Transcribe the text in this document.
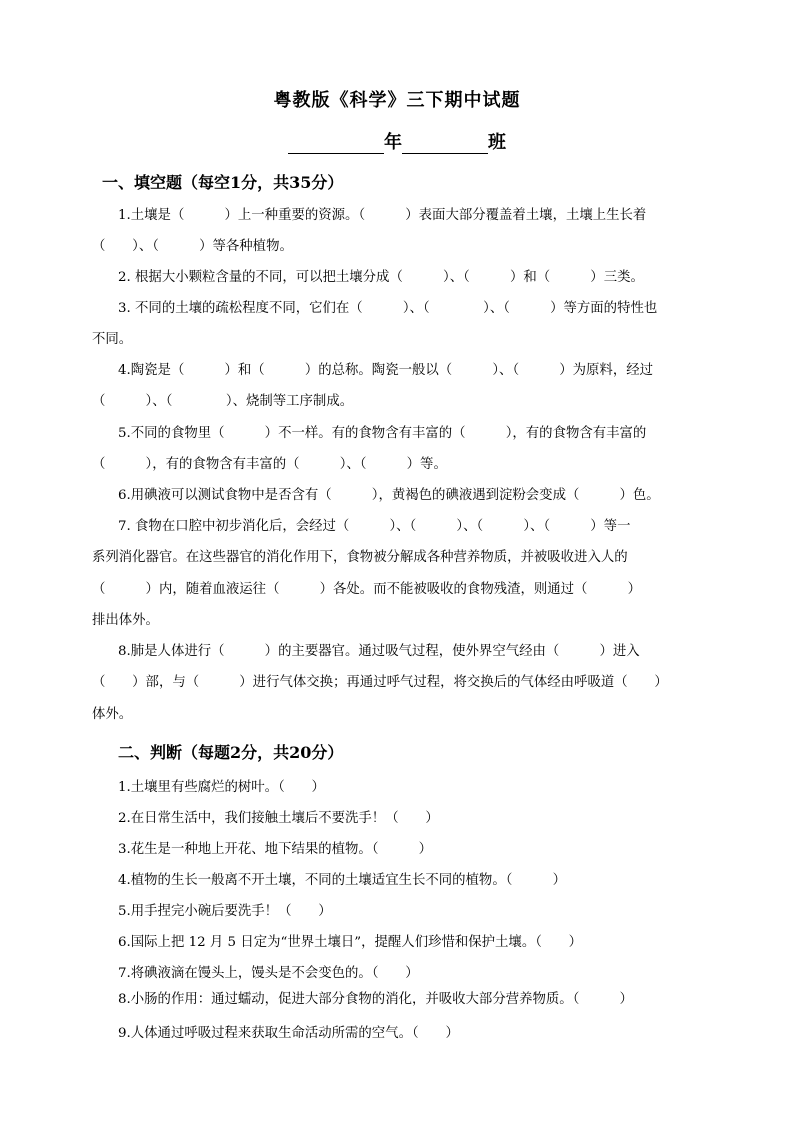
粤教版《科学》三下期中试题
年	班
一、填空题（每空1分，共35分）
1.土壤是（　　　）上一种重要的资源。（　　　）表面大部分覆盖着土壤，土壤上生长着
（　　）、（　　　）等各种植物。
2. 根据大小颗粒含量的不同，可以把土壤分成（　　　）、（　　　）和（　　　）三类。
3. 不同的土壤的疏松程度不同，它们在（　　　）、（　　　　）、（　　　）等方面的特性也
不同。
4.陶瓷是（　　　）和（　　　）的总称。陶瓷一般以（　　　）、（　　　）为原料，经过
（　　　）、（　　　　）、烧制等工序制成。
5.不同的食物里（　　　）不一样。有的食物含有丰富的（　　　），有的食物含有丰富的
（　　　），有的食物含有丰富的（　　　）、（　　　）等。
6.用碘液可以测试食物中是否含有（　　　），黄褐色的碘液遇到淀粉会变成（　　　）色。
7. 食物在口腔中初步消化后，会经过（　　　）、（　　　）、（　　　）、（　　　）等一
系列消化器官。在这些器官的消化作用下，食物被分解成各种营养物质，并被吸收进入人的
（　　　）内，随着血液运往（　　　）各处。而不能被吸收的食物残渣，则通过（　　　）
排出体外。
8.肺是人体进行（　　　）的主要器官。通过吸气过程，使外界空气经由（　　　）进入
（　　）部，与（　　　）进行气体交换；再通过呼气过程，将交换后的气体经由呼吸道（　　）
体外。
二、判断（每题2分，共20分）
1.土壤里有些腐烂的树叶。（　　）
2.在日常生活中，我们接触土壤后不要洗手！（　　）
3.花生是一种地上开花、地下结果的植物。（　　　）
4.植物的生长一般离不开土壤，不同的土壤适宜生长不同的植物。（　　　）
5.用手捏完小碗后要洗手！（　　）
6.国际上把 12 月 5 日定为“世界土壤日”，提醒人们珍惜和保护土壤。（　　）
7.将碘液滴在馒头上，馒头是不会变色的。（　　）
8.小肠的作用：通过蠕动，促进大部分食物的消化，并吸收大部分营养物质。（　　　）
9.人体通过呼吸过程来获取生命活动所需的空气。（　　）
